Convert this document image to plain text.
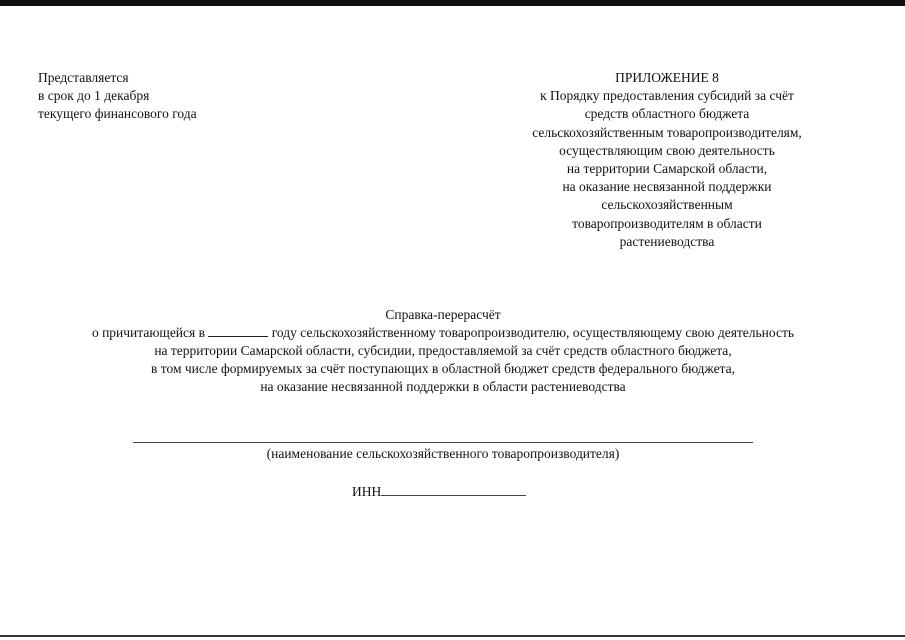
Представляется
в срок до 1 декабря
текущего финансового года
ПРИЛОЖЕНИЕ 8
к Порядку предоставления субсидий за счёт
средств областного бюджета
сельскохозяйственным товаропроизводителям,
осуществляющим свою деятельность
на территории Самарской области,
на оказание несвязанной поддержки
сельскохозяйственным
товаропроизводителям в области
растениеводства
Справка-перерасчёт
о причитающейся в	году сельскохозяйственному товаропроизводителю, осуществляющему свою деятельность
на территории Самарской области, субсидии, предоставляемой за счёт средств областного бюджета,
в том числе формируемых за счёт поступающих в областной бюджет средств федерального бюджета,
на оказание несвязанной поддержки в области растениеводства
(наименование сельскохозяйственного товаропроизводителя)
ИНН
